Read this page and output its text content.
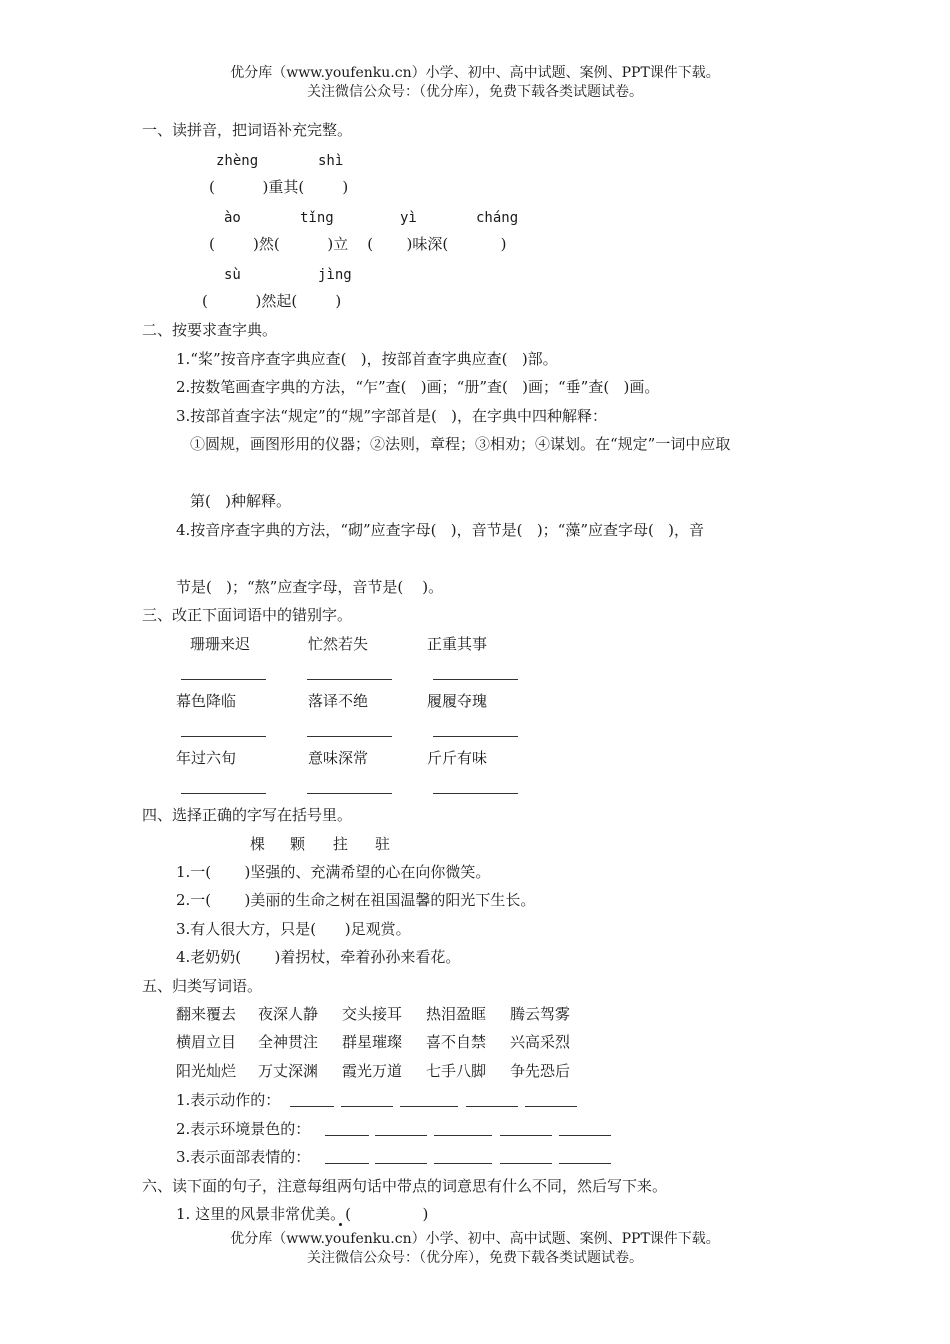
优分库（www.youfenku.cn）小学、初中、高中试题、案例、PPT课件下载。
关注微信公众号：（优分库），免费下载各类试题试卷。
一、读拼音，把词语补充完整。
zhèng	shì
(          )重其(        )
ào	tǐng	yì	cháng
(        )然(          )立    (       )味深(           )
sù	jìng
(          )然起(        )
二、按要求查字典。
1.“桨”按音序查字典应查(   )，按部首查字典应查(   )部。
2.按数笔画查字典的方法，“乍”查(   )画；“册”查(   )画；“垂”查(   )画。
3.按部首查字法“规定”的“规”字部首是(   )，在字典中四种解释：
①圆规，画图形用的仪器；②法则，章程；③相劝；④谋划。在“规定”一词中应取
第(   )种解释。
4.按音序查字典的方法，“砌”应查字母(   )，音节是(   )；“藻”应查字母(   )，音
节是(   )；“熬”应查字母，音节是(    )。
三、改正下面词语中的错别字。
珊珊来迟	忙然若失	正重其事
幕色降临	落译不绝	履履夺瑰
年过六旬	意味深常	斤斤有味
四、选择正确的字写在括号里。
棵 颗 拄 驻
1.一(       )坚强的、充满希望的心在向你微笑。
2.一(       )美丽的生命之树在祖国温馨的阳光下生长。
3.有人很大方，只是(      )足观赏。
4.老奶奶(       )着拐杖，牵着孙孙来看花。
五、归类写词语。
翻来覆去 夜深人静 交头接耳 热泪盈眶 腾云驾雾
横眉立目 全神贯注 群星璀璨 喜不自禁 兴高采烈
阳光灿烂 万丈深渊 霞光万道 七手八脚 争先恐后
1.表示动作的：
2.表示环境景色的：
3.表示面部表情的：
六、读下面的句子，注意每组两句话中带点的词意思有什么不同，然后写下来。
1. 这里的风景非常优美。(               )
优分库（www.youfenku.cn）小学、初中、高中试题、案例、PPT课件下载。
关注微信公众号：（优分库），免费下载各类试题试卷。
